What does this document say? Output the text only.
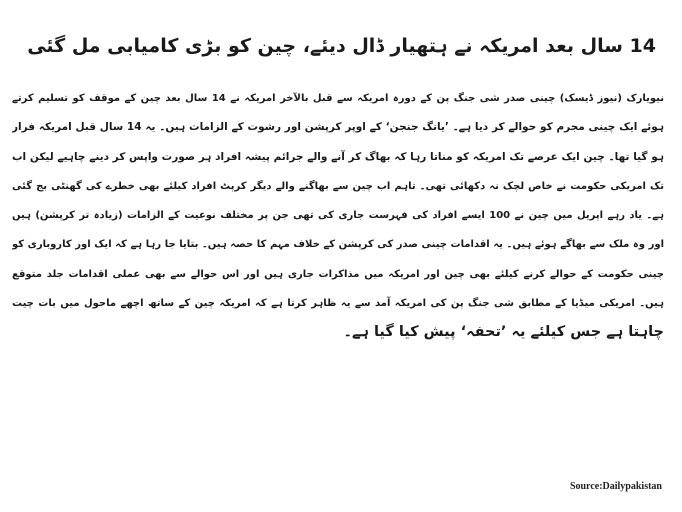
14 سال بعد امریکہ نے ہتھیار ڈال دیئے، چین کو بڑی کامیابی مل گئی
نیویارک (نیوز ڈیسک) چینی صدر شی جنگ پن کے دورہ امریکہ سے قبل بالآخر امریکہ نے 14 سال بعد چین کے موقف کو تسلیم کرتے
ہوئے ایک چینی مجرم کو حوالے کر دیا ہے۔ ’یانگ جنجن‘ کے اوپر کرپشن اور رشوت کے الزامات ہیں۔ یہ 14 سال قبل امریکہ فرار
ہو گیا تھا۔ چین ایک عرصے تک امریکہ کو مناتا رہا کہ بھاگ کر آنے والے جرائم پیشہ افراد ہر صورت واپس کر دینے چاہیے لیکن اب
تک امریکی حکومت نے خاص لچک نہ دکھائی تھی۔ تاہم اب چین سے بھاگنے والے دیگر کرپٹ افراد کیلئے بھی خطرے کی گھنٹی بج گئی
ہے۔ یاد رہے اپریل میں چین نے 100 ایسے افراد کی فہرست جاری کی تھی جن پر مختلف نوعیت کے الزامات (زیادہ تر کرپشن) ہیں
اور وہ ملک سے بھاگے ہوئے ہیں۔ یہ اقدامات چینی صدر کی کرپشن کے خلاف مہم کا حصہ ہیں۔ بتایا جا رہا ہے کہ ایک اور کاروباری کو
چینی حکومت کے حوالے کرنے کیلئے بھی چین اور امریکہ میں مذاکرات جاری ہیں اور اس حوالے سے بھی عملی اقدامات جلد متوقع
ہیں۔ امریکی میڈیا کے مطابق شی جنگ پن کی امریکہ آمد سے یہ ظاہر کرتا ہے کہ امریکہ چین کے ساتھ اچھے ماحول میں بات چیت
چاہتا ہے جس کیلئے یہ ’تحفہ‘ پیش کیا گیا ہے۔
Source:Dailypakistan
